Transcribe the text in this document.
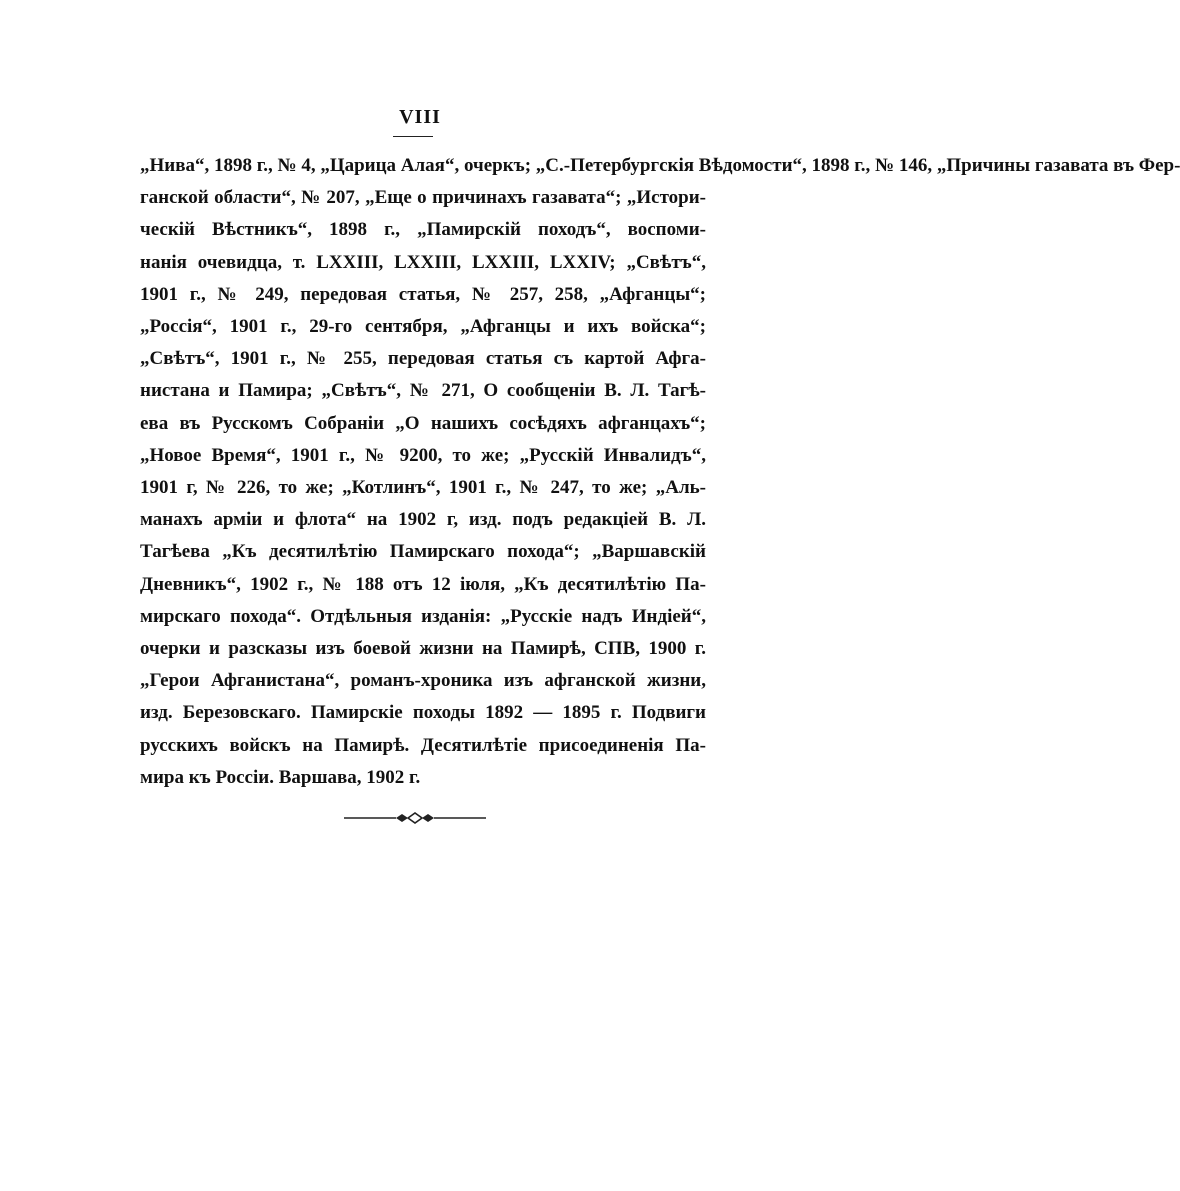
VIII
„Нива“, 1898 г., № 4, „Царица Алая“, очеркъ; „С.-Петербургскія Вѣдомости“, 1898 г., № 146, „Причины газавата въ Фер-
ганской области“, № 207, „Еще о причинахъ газавата“; „Истори-
ческій Вѣстникъ“, 1898 г., „Памирскій походъ“, воспоми-
нанія очевидца, т. LXXIII, LXXIII, LXXIII, LXXIV; „Свѣтъ“,
1901 г., № 249, передовая статья, № 257, 258, „Афганцы“;
„Россія“, 1901 г., 29-го сентября, „Афганцы и ихъ войска“;
„Свѣтъ“, 1901 г., № 255, передовая статья съ картой Афга-
нистана и Памира; „Свѣтъ“, № 271, О сообщеніи В. Л. Тагѣ-
ева въ Русскомъ Собраніи „О нашихъ сосѣдяхъ афганцахъ“;
„Новое Время“, 1901 г., № 9200, то же; „Русскій Инвалидъ“,
1901 г, № 226, то же; „Котлинъ“, 1901 г., № 247, то же; „Аль-
манахъ арміи и флота“ на 1902 г, изд. подъ редакціей В. Л.
Тагѣева „Къ десятилѣтію Памирскаго похода“; „Варшавскій
Дневникъ“, 1902 г., № 188 отъ 12 іюля, „Къ десятилѣтію Па-
мирскаго похода“. Отдѣльныя изданія: „Русскіе надъ Индіей“,
очерки и разсказы изъ боевой жизни на Памирѣ, СПВ, 1900 г.
„Герои Афганистана“, романъ-хроника изъ афганской жизни,
изд. Березовскаго. Памирскіе походы 1892 — 1895 г. Подвиги
русскихъ войскъ на Памирѣ. Десятилѣтіе присоединенія Па-
мира къ Россіи. Варшава, 1902 г.
